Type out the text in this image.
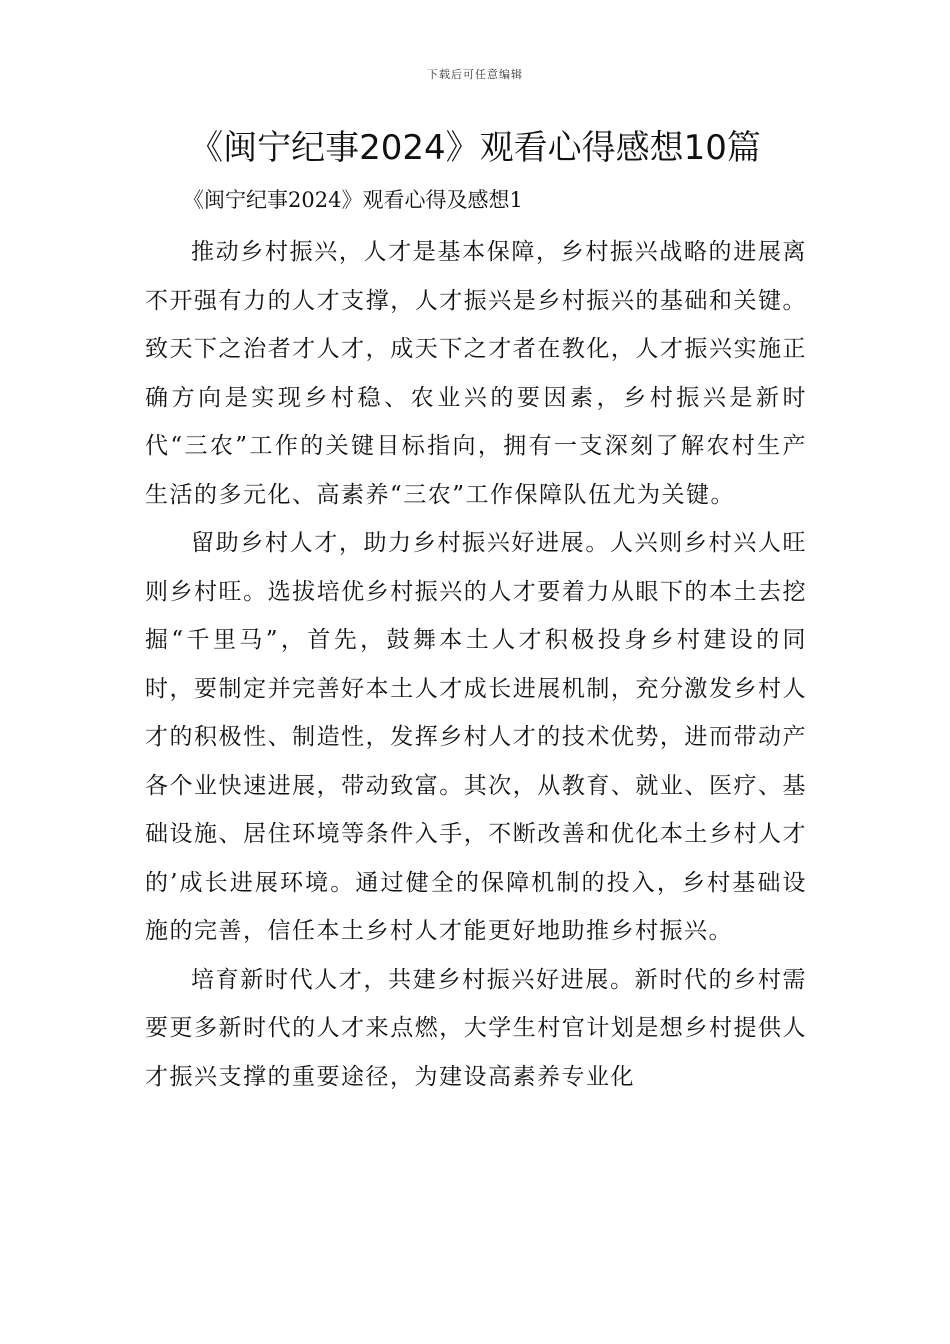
下载后可任意编辑
《闽宁纪事2024》观看心得感想10篇

《闽宁纪事2024》观看心得及感想1

推动乡村振兴，人才是基本保障，乡村振兴战略的进展离不开强有力的人才支撑，人才振兴是乡村振兴的基础和关键。致天下之治者才人才，成天下之才者在教化，人才振兴实施正确方向是实现乡村稳、农业兴的要因素，乡村振兴是新时代“三农”工作的关键目标指向，拥有一支深刻了解农村生产生活的多元化、高素养“三农”工作保障队伍尤为关键。

留助乡村人才，助力乡村振兴好进展。人兴则乡村兴人旺则乡村旺。选拔培优乡村振兴的人才要着力从眼下的本土去挖掘“千里马”，首先，鼓舞本土人才积极投身乡村建设的同时，要制定并完善好本土人才成长进展机制，充分激发乡村人才的积极性、制造性，发挥乡村人才的技术优势，进而带动产各个业快速进展，带动致富。其次，从教育、就业、医疗、基础设施、居住环境等条件入手，不断改善和优化本土乡村人才的’成长进展环境。通过健全的保障机制的投入，乡村基础设施的完善，信任本土乡村人才能更好地助推乡村振兴。

培育新时代人才，共建乡村振兴好进展。新时代的乡村需要更多新时代的人才来点燃，大学生村官计划是想乡村提供人才振兴支撑的重要途径，为建设高素养专业化
